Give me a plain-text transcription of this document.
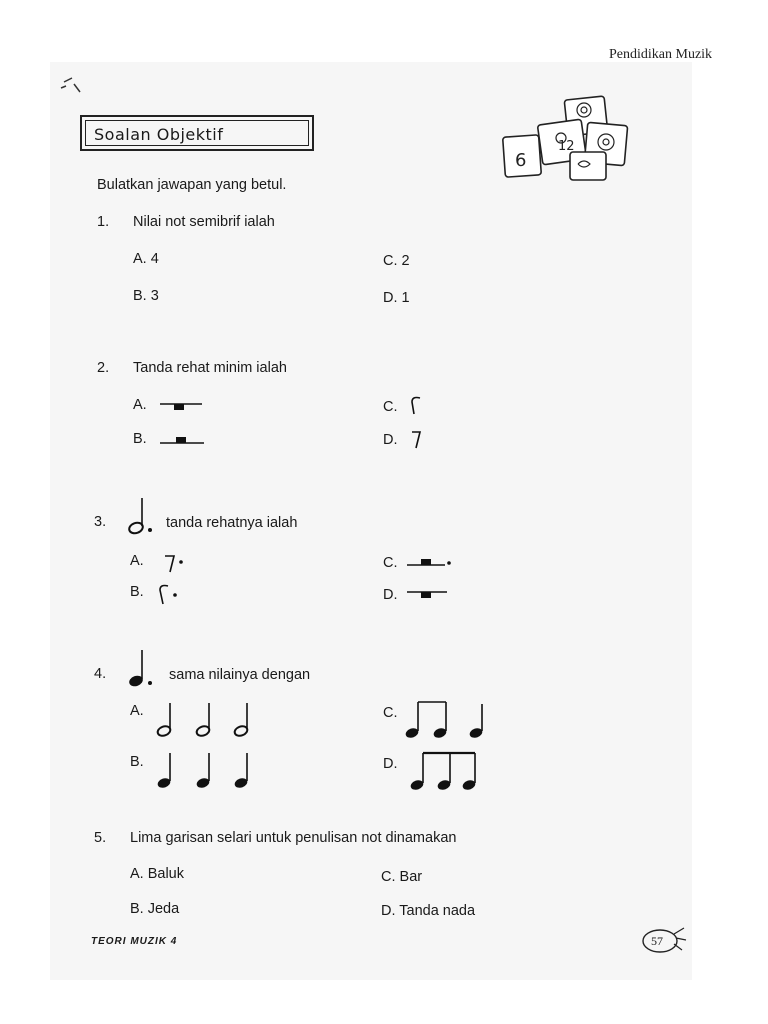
Pendidikan Muzik
Soalan Objektif
6
12
Bulatkan jawapan yang betul.
1. Nilai not semibrif ialah
A. 4	C. 2
B. 3	D. 1
2. Tanda rehat minim ialah
A.	C.
B.	D.
3.	tanda rehatnya ialah
A.	C.
B.	D.
4.	sama nilainya dengan
A.	C.
B.	D.
5. Lima garisan selari untuk penulisan not dinamakan
A. Baluk	C. Bar
B. Jeda	D. Tanda nada
TEORI MUZIK 4	57
